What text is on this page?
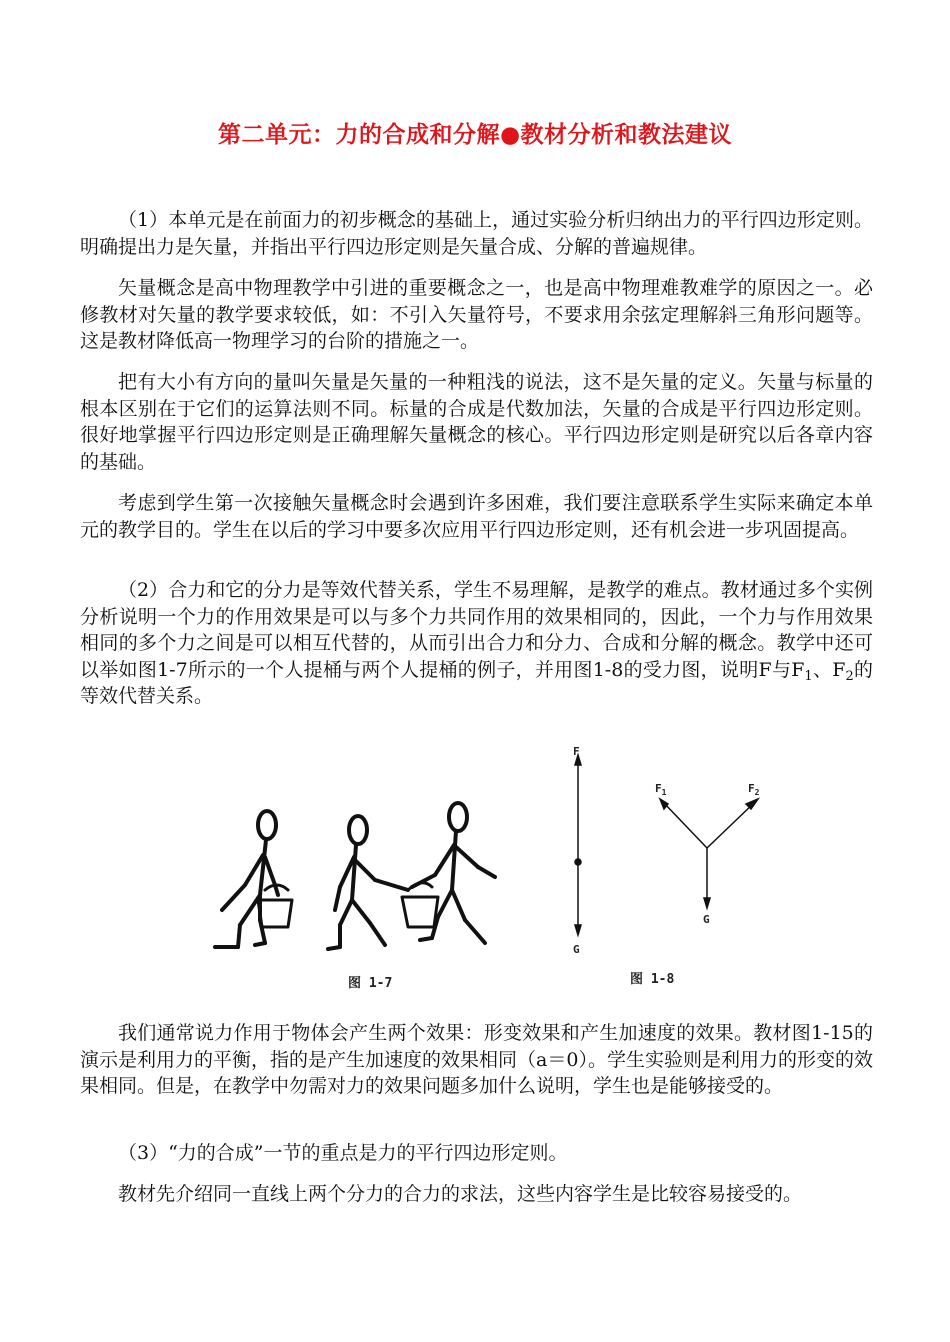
第二单元：力的合成和分解●教材分析和教法建议

（1）本单元是在前面力的初步概念的基础上，通过实验分析归纳出力的平行四边形定则。明确提出力是矢量，并指出平行四边形定则是矢量合成、分解的普遍规律。

矢量概念是高中物理教学中引进的重要概念之一，也是高中物理难教难学的原因之一。必修教材对矢量的教学要求较低，如：不引入矢量符号，不要求用余弦定理解斜三角形问题等。这是教材降低高一物理学习的台阶的措施之一。

把有大小有方向的量叫矢量是矢量的一种粗浅的说法，这不是矢量的定义。矢量与标量的根本区别在于它们的运算法则不同。标量的合成是代数加法，矢量的合成是平行四边形定则。很好地掌握平行四边形定则是正确理解矢量概念的核心。平行四边形定则是研究以后各章内容的基础。

考虑到学生第一次接触矢量概念时会遇到许多困难，我们要注意联系学生实际来确定本单元的教学目的。学生在以后的学习中要多次应用平行四边形定则，还有机会进一步巩固提高。

（2）合力和它的分力是等效代替关系，学生不易理解，是教学的难点。教材通过多个实例分析说明一个力的作用效果是可以与多个力共同作用的效果相同的，因此，一个力与作用效果相同的多个力之间是可以相互代替的，从而引出合力和分力、合成和分解的概念。教学中还可以举如图1-7所示的一个人提桶与两个人提桶的例子，并用图1-8的受力图，说明F与$F_1$、$F_2$的等效代替关系。

图 1-7
F
G
$F_1$	$F_2$
G
图 1-8

我们通常说力作用于物体会产生两个效果：形变效果和产生加速度的效果。教材图1-15的演示是利用力的平衡，指的是产生加速度的效果相同（a＝0）。学生实验则是利用力的形变的效果相同。但是，在教学中勿需对力的效果问题多加什么说明，学生也是能够接受的。

（3）“力的合成”一节的重点是力的平行四边形定则。

教材先介绍同一直线上两个分力的合力的求法，这些内容学生是比较容易接受的。
